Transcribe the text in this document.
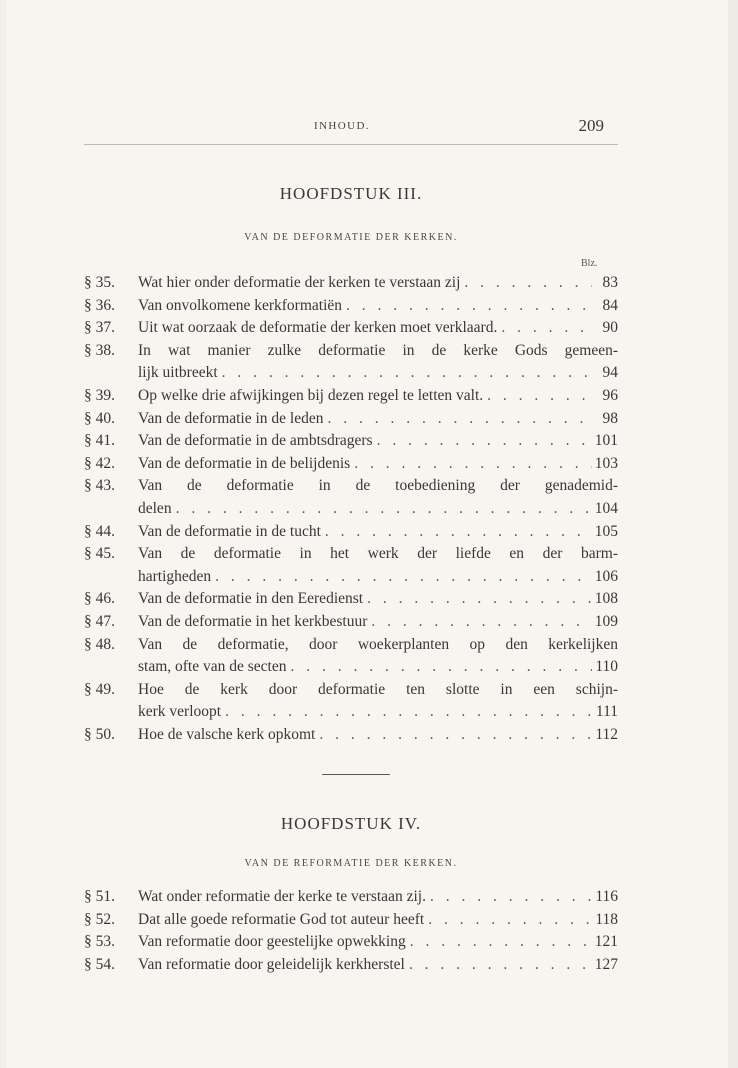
INHOUD.	209
HOOFDSTUK III.
VAN DE DEFORMATIE DER KERKEN.
Blz.
§ 35.	Wat hier onder deformatie der kerken te verstaan zij . . .	83
§ 36.	Van onvolkomene kerkformatiën . . .	84
§ 37.	Uit wat oorzaak de deformatie der kerken moet verklaard. . . .	90
§ 38.	In wat manier zulke deformatie in de kerke Gods gemeen-
lijk uitbreekt . . .	94
§ 39.	Op welke drie afwijkingen bij dezen regel te letten valt. . . .	96
§ 40.	Van de deformatie in de leden . . .	98
§ 41.	Van de deformatie in de ambtsdragers . . .	101
§ 42.	Van de deformatie in de belijdenis . . .	103
§ 43.	Van de deformatie in de toebediening der genademid-
delen . . .	104
§ 44.	Van de deformatie in de tucht . . .	105
§ 45.	Van de deformatie in het werk der liefde en der barm-
hartigheden . . .	106
§ 46.	Van de deformatie in den Eeredienst . . .	108
§ 47.	Van de deformatie in het kerkbestuur . . .	109
§ 48.	Van de deformatie, door woekerplanten op den kerkelijken
stam, ofte van de secten . . .	110
§ 49.	Hoe de kerk door deformatie ten slotte in een schijn-
kerk verloopt . . .	111
§ 50.	Hoe de valsche kerk opkomt . . .	112
HOOFDSTUK IV.
VAN DE REFORMATIE DER KERKEN.
§ 51.	Wat onder reformatie der kerke te verstaan zij. . . .	116
§ 52.	Dat alle goede reformatie God tot auteur heeft . . .	118
§ 53.	Van reformatie door geestelijke opwekking . . .	121
§ 54.	Van reformatie door geleidelijk kerkherstel . . .	127
